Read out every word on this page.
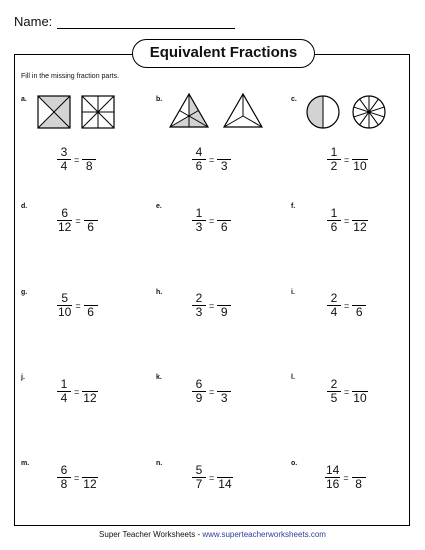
Name:
Equivalent Fractions
Fill in the missing fraction parts.
a.	b.	c.
d.	e.	f.
g.	h.	i.
j.	k.	l.
m.	n.	o.
$\frac{3}{4} = 8$	$\frac{4}{6} = 3$	$\frac{1}{2} = 10$
$\frac{6}{12} = 6$	$\frac{1}{3} = 6$	$\frac{1}{6} = 12$
$\frac{5}{10} = 6$	$\frac{2}{3} = 9$	$\frac{2}{4} = 6$
$\frac{1}{4} = 12$	$\frac{6}{9} = 3$	$\frac{2}{5} = 10$
$\frac{6}{8} = 12$	$\frac{5}{7} = 14$	$\frac{14}{16} = 8$
Super Teacher Worksheets - www.superteacherworksheets.com
